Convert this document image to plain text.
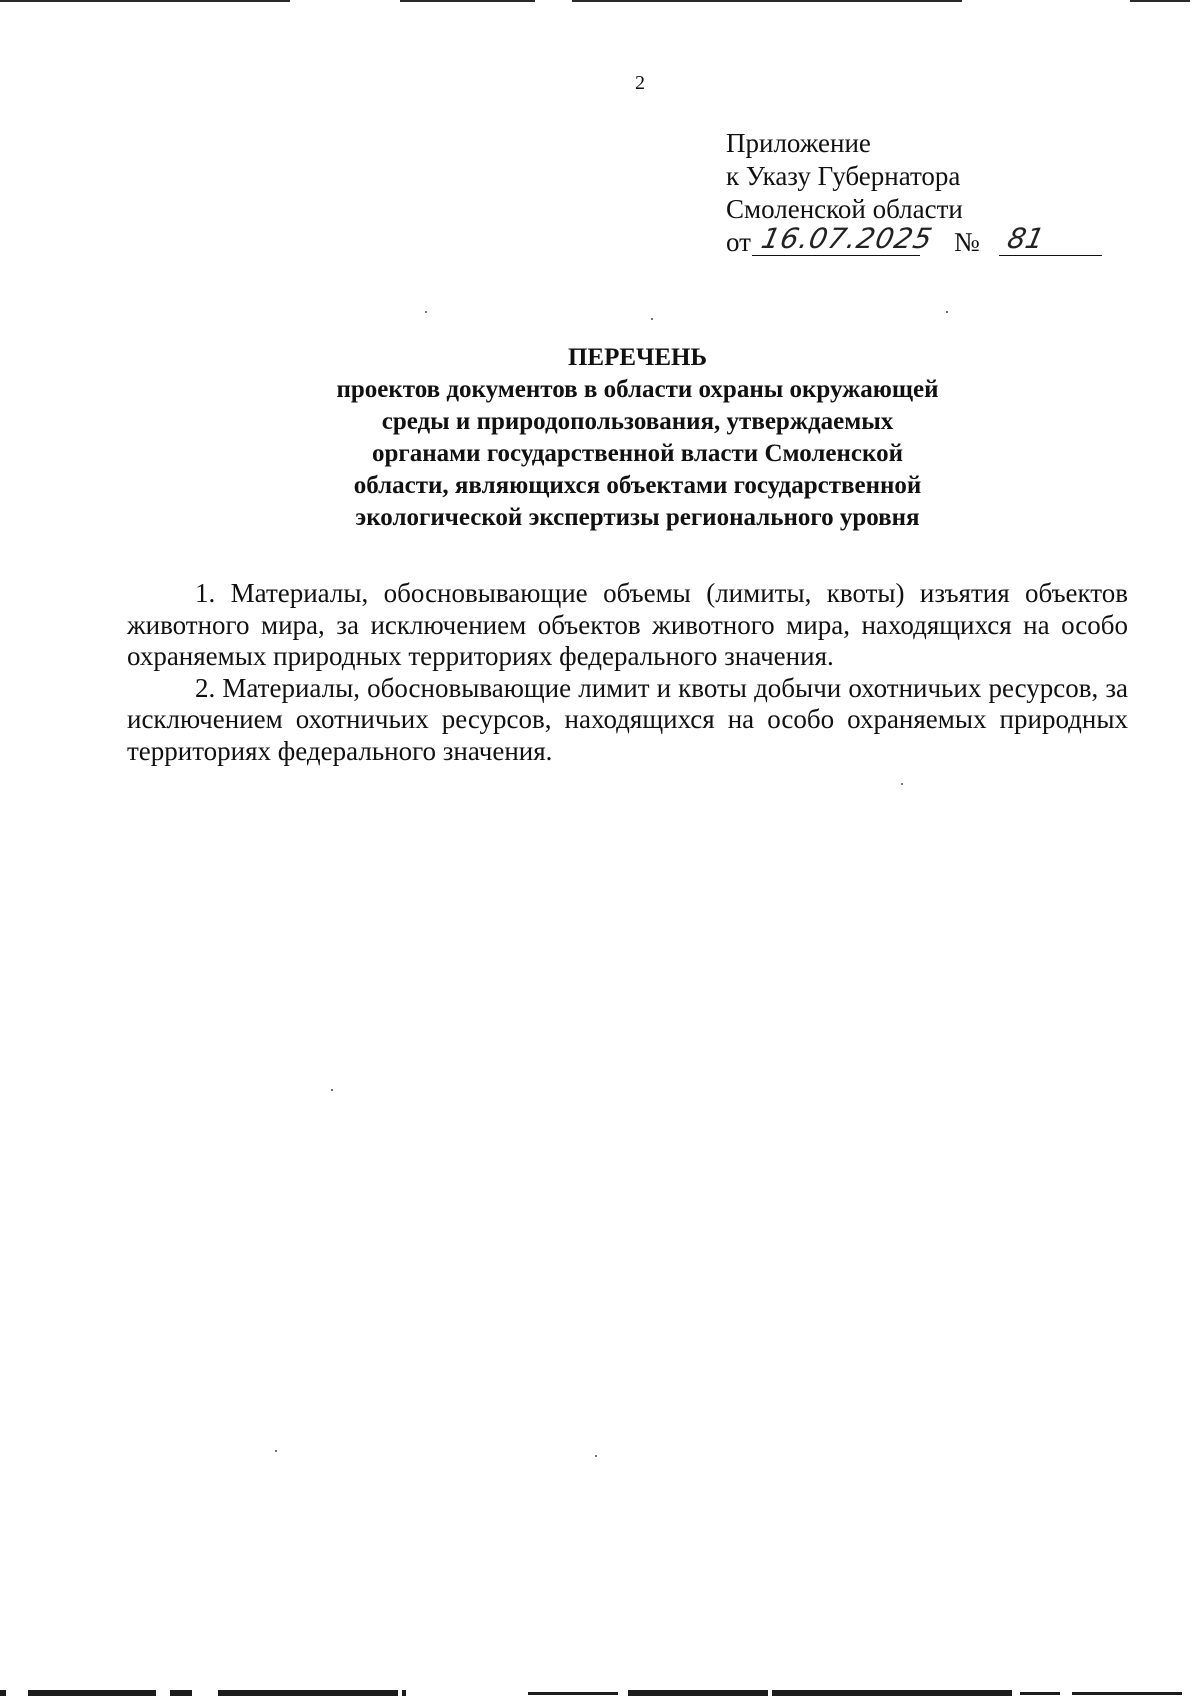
2
Приложение
к Указу Губернатора
Смоленской области
от 16.07.2025 № 81
ПЕРЕЧЕНЬ
проектов документов в области охраны окружающей
среды и природопользования, утверждаемых
органами государственной власти Смоленской
области, являющихся объектами государственной
экологической экспертизы регионального уровня

1. Материалы, обосновывающие объемы (лимиты, квоты) изъятия объектов животного мира, за исключением объектов животного мира, находящихся на особо охраняемых природных территориях федерального значения.

2. Материалы, обосновывающие лимит и квоты добычи охотничьих ресурсов, за исключением охотничьих ресурсов, находящихся на особо охраняемых природных территориях федерального значения.
